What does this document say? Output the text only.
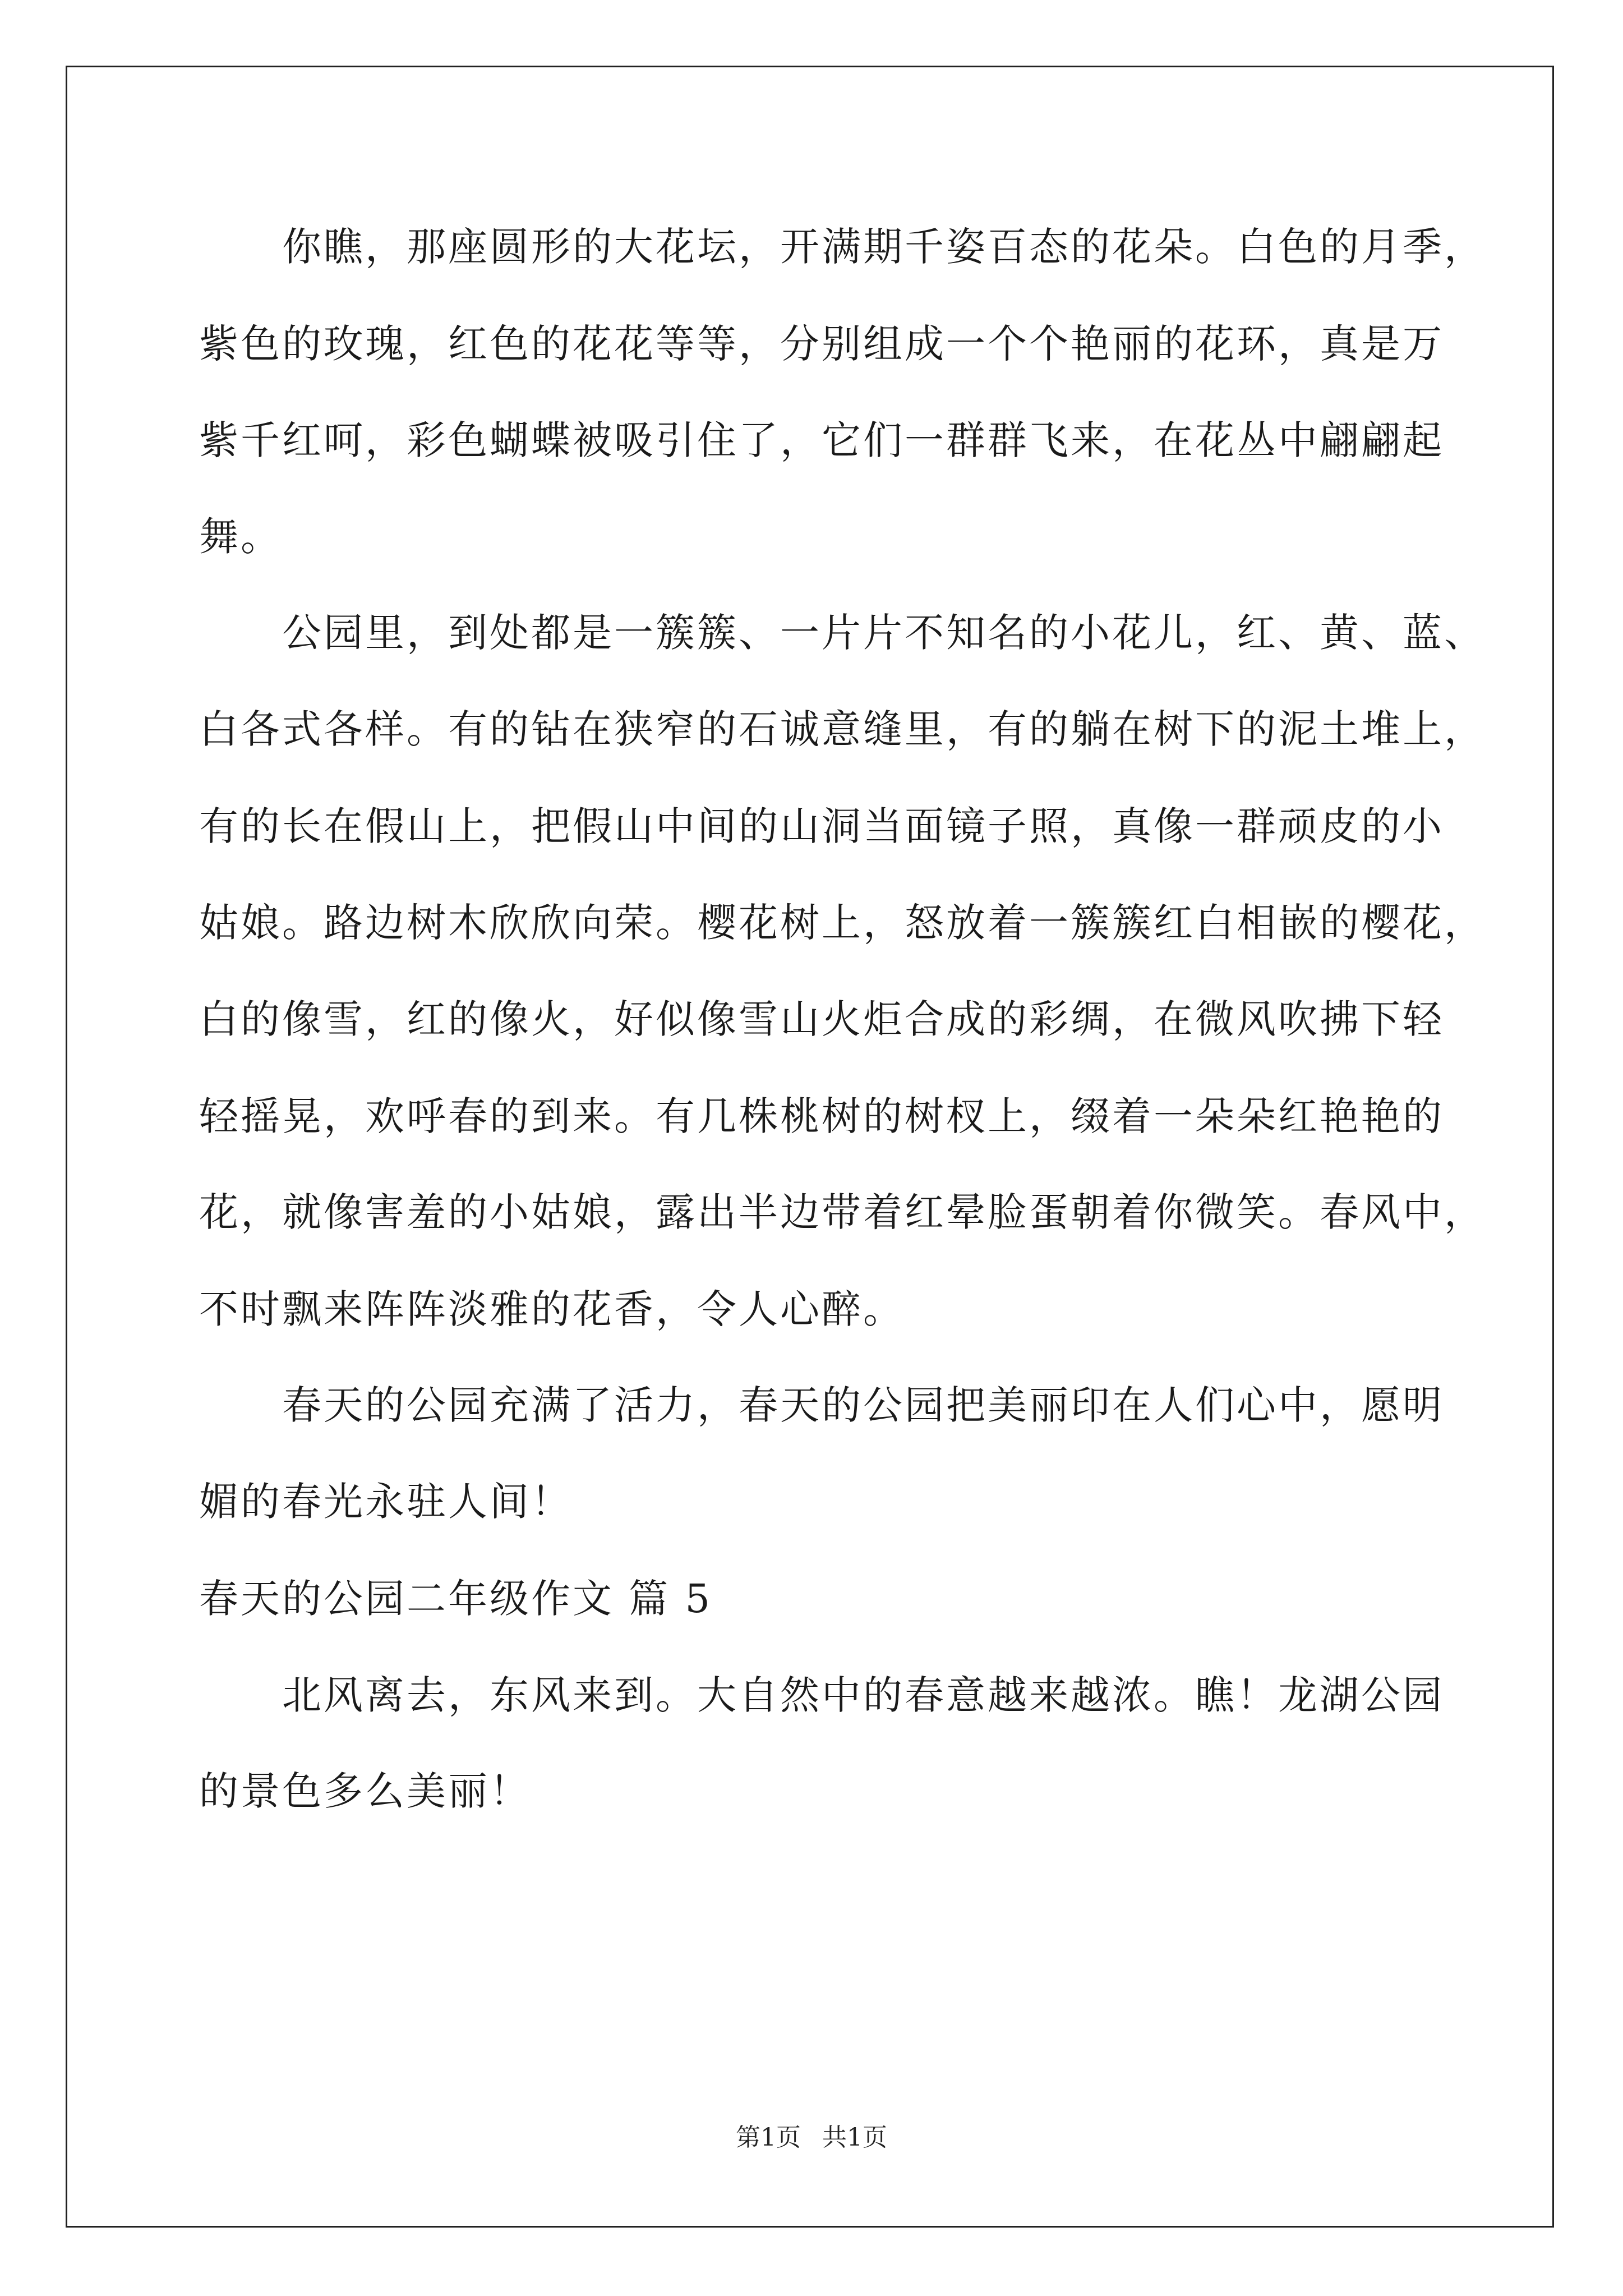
　　你瞧，那座圆形的大花坛，开满期千姿百态的花朵。白色的月季，
紫色的玫瑰，红色的花花等等，分别组成一个个艳丽的花环，真是万
紫千红呵，彩色蝴蝶被吸引住了，它们一群群飞来，在花丛中翩翩起
舞。
　　公园里，到处都是一簇簇、一片片不知名的小花儿，红、黄、蓝、
白各式各样。有的钻在狭窄的石诚意缝里，有的躺在树下的泥土堆上，
有的长在假山上，把假山中间的山洞当面镜子照，真像一群顽皮的小
姑娘。路边树木欣欣向荣。樱花树上，怒放着一簇簇红白相嵌的樱花，
白的像雪，红的像火，好似像雪山火炬合成的彩绸，在微风吹拂下轻
轻摇晃，欢呼春的到来。有几株桃树的树杈上，缀着一朵朵红艳艳的
花，就像害羞的小姑娘，露出半边带着红晕脸蛋朝着你微笑。春风中，
不时飘来阵阵淡雅的花香，令人心醉。
　　春天的公园充满了活力，春天的公园把美丽印在人们心中，愿明
媚的春光永驻人间！
春天的公园二年级作文 篇 5
　　北风离去，东风来到。大自然中的春意越来越浓。瞧！龙湖公园
的景色多么美丽！
第1页 共1页
